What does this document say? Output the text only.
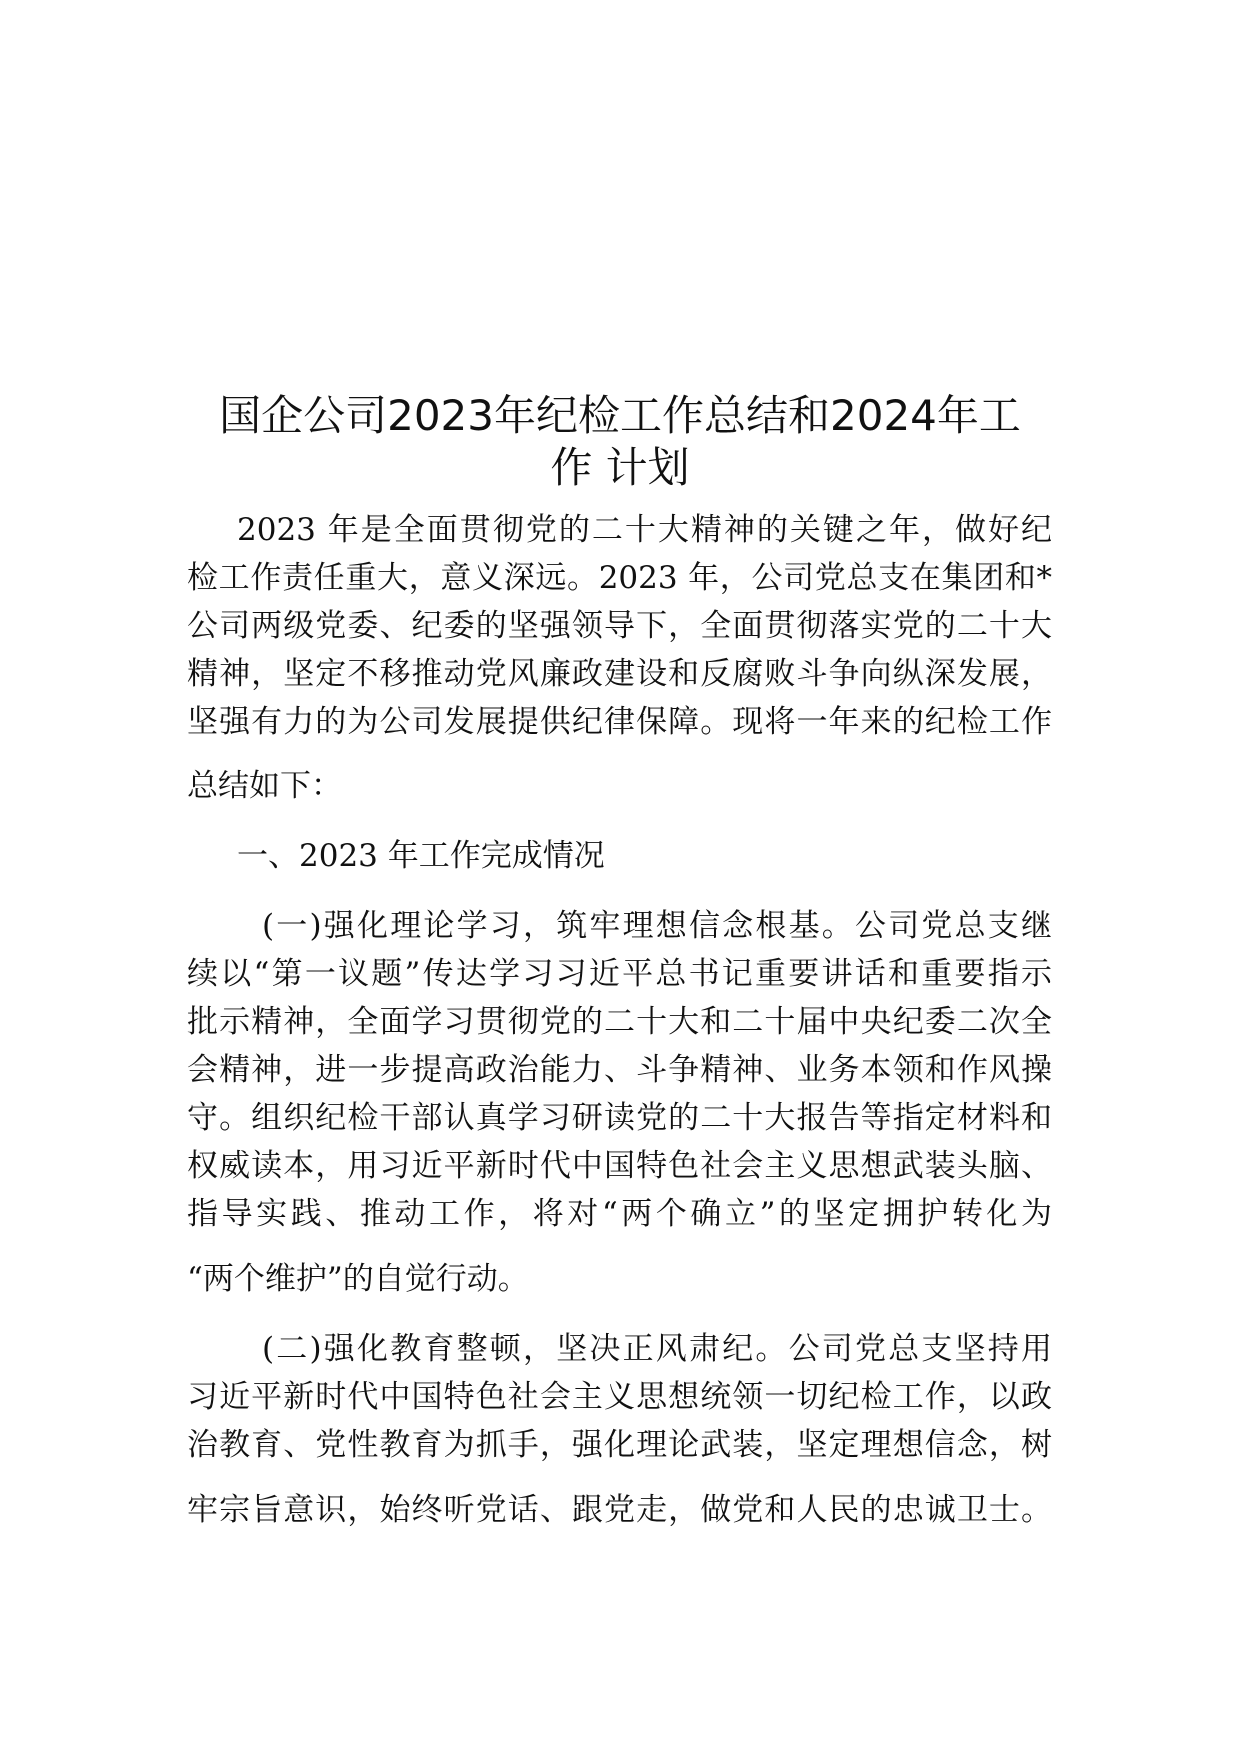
国企公司2023年纪检工作总结和2024年工
作 计划
2023 年是全面贯彻党的二十大精神的关键之年，做好纪
检工作责任重大，意义深远。2023 年，公司党总支在集团和*
公司两级党委、纪委的坚强领导下，全面贯彻落实党的二十大
精神，坚定不移推动党风廉政建设和反腐败斗争向纵深发展，
坚强有力的为公司发展提供纪律保障。现将一年来的纪检工作
总结如下：
一、2023 年工作完成情况
(一)强化理论学习，筑牢理想信念根基。公司党总支继
续以“第一议题”传达学习习近平总书记重要讲话和重要指示
批示精神，全面学习贯彻党的二十大和二十届中央纪委二次全
会精神，进一步提高政治能力、斗争精神、业务本领和作风操
守。组织纪检干部认真学习研读党的二十大报告等指定材料和
权威读本，用习近平新时代中国特色社会主义思想武装头脑、
指导实践、推动工作，将对“两个确立”的坚定拥护转化为
“两个维护”的自觉行动。
(二)强化教育整顿，坚决正风肃纪。公司党总支坚持用
习近平新时代中国特色社会主义思想统领一切纪检工作，以政
治教育、党性教育为抓手，强化理论武装，坚定理想信念，树
牢宗旨意识，始终听党话、跟党走，做党和人民的忠诚卫士。
